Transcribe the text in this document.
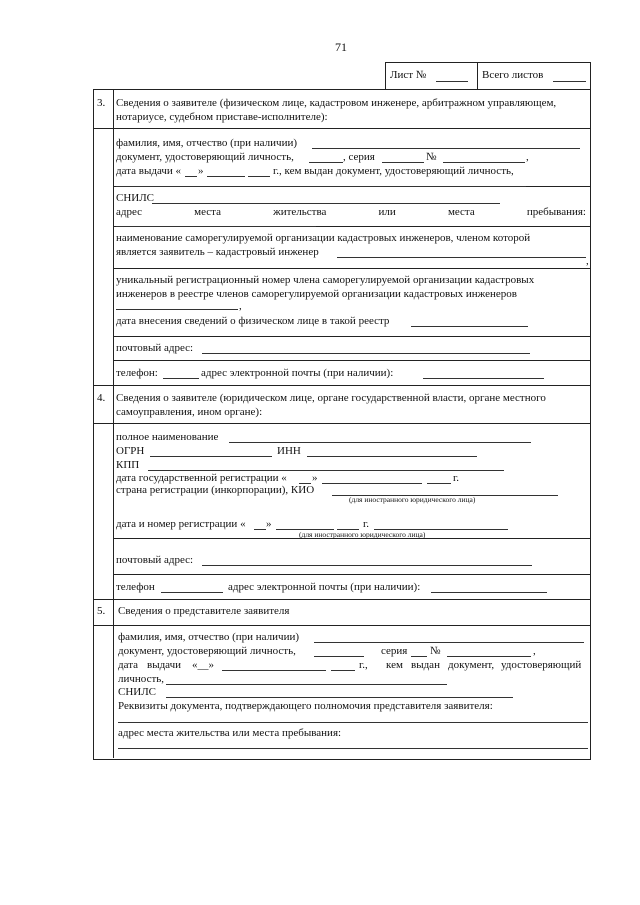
71
Лист №	Всего листов
3. Сведения о заявителе (физическом лице, кадастровом инженере, арбитражном управляющем,
нотариусе, судебном приставе-исполнителе):
фамилия, имя, отчество (при наличии)
документ, удостоверяющий личность,	, серия	№	,
дата выдачи « »	г., кем выдан документ, удостоверяющий личность,
СНИЛС
адрес	места	жительства	или	места	пребывания:
наименование саморегулируемой организации кадастровых инженеров, членом которой
является заявитель – кадастровый инженер
,
уникальный регистрационный номер члена саморегулируемой организации кадастровых
инженеров в реестре членов саморегулируемой организации кадастровых инженеров
,
дата внесения сведений о физическом лице в такой реестр
почтовый адрес:
телефон:	адрес электронной почты (при наличии):
4. Сведения о заявителе (юридическом лице, органе государственной власти, органе местного
самоуправления, ином органе):
полное наименование
ОГРН	ИНН
КПП
дата государственной регистрации « »	г.
страна регистрации (инкорпорации), КИО
(для иностранного юридического лица)
дата и номер регистрации « »	г.
(для иностранного юридического лица)
почтовый адрес:
телефон	адрес электронной почты (при наличии):
5. Сведения о представителе заявителя
фамилия, имя, отчество (при наличии)
документ, удостоверяющий личность,	серия №	,
дата выдачи «__»	г., кем выдан документ, удостоверяющий
личность,
СНИЛС
Реквизиты документа, подтверждающего полномочия представителя заявителя:
адрес места жительства или места пребывания:
